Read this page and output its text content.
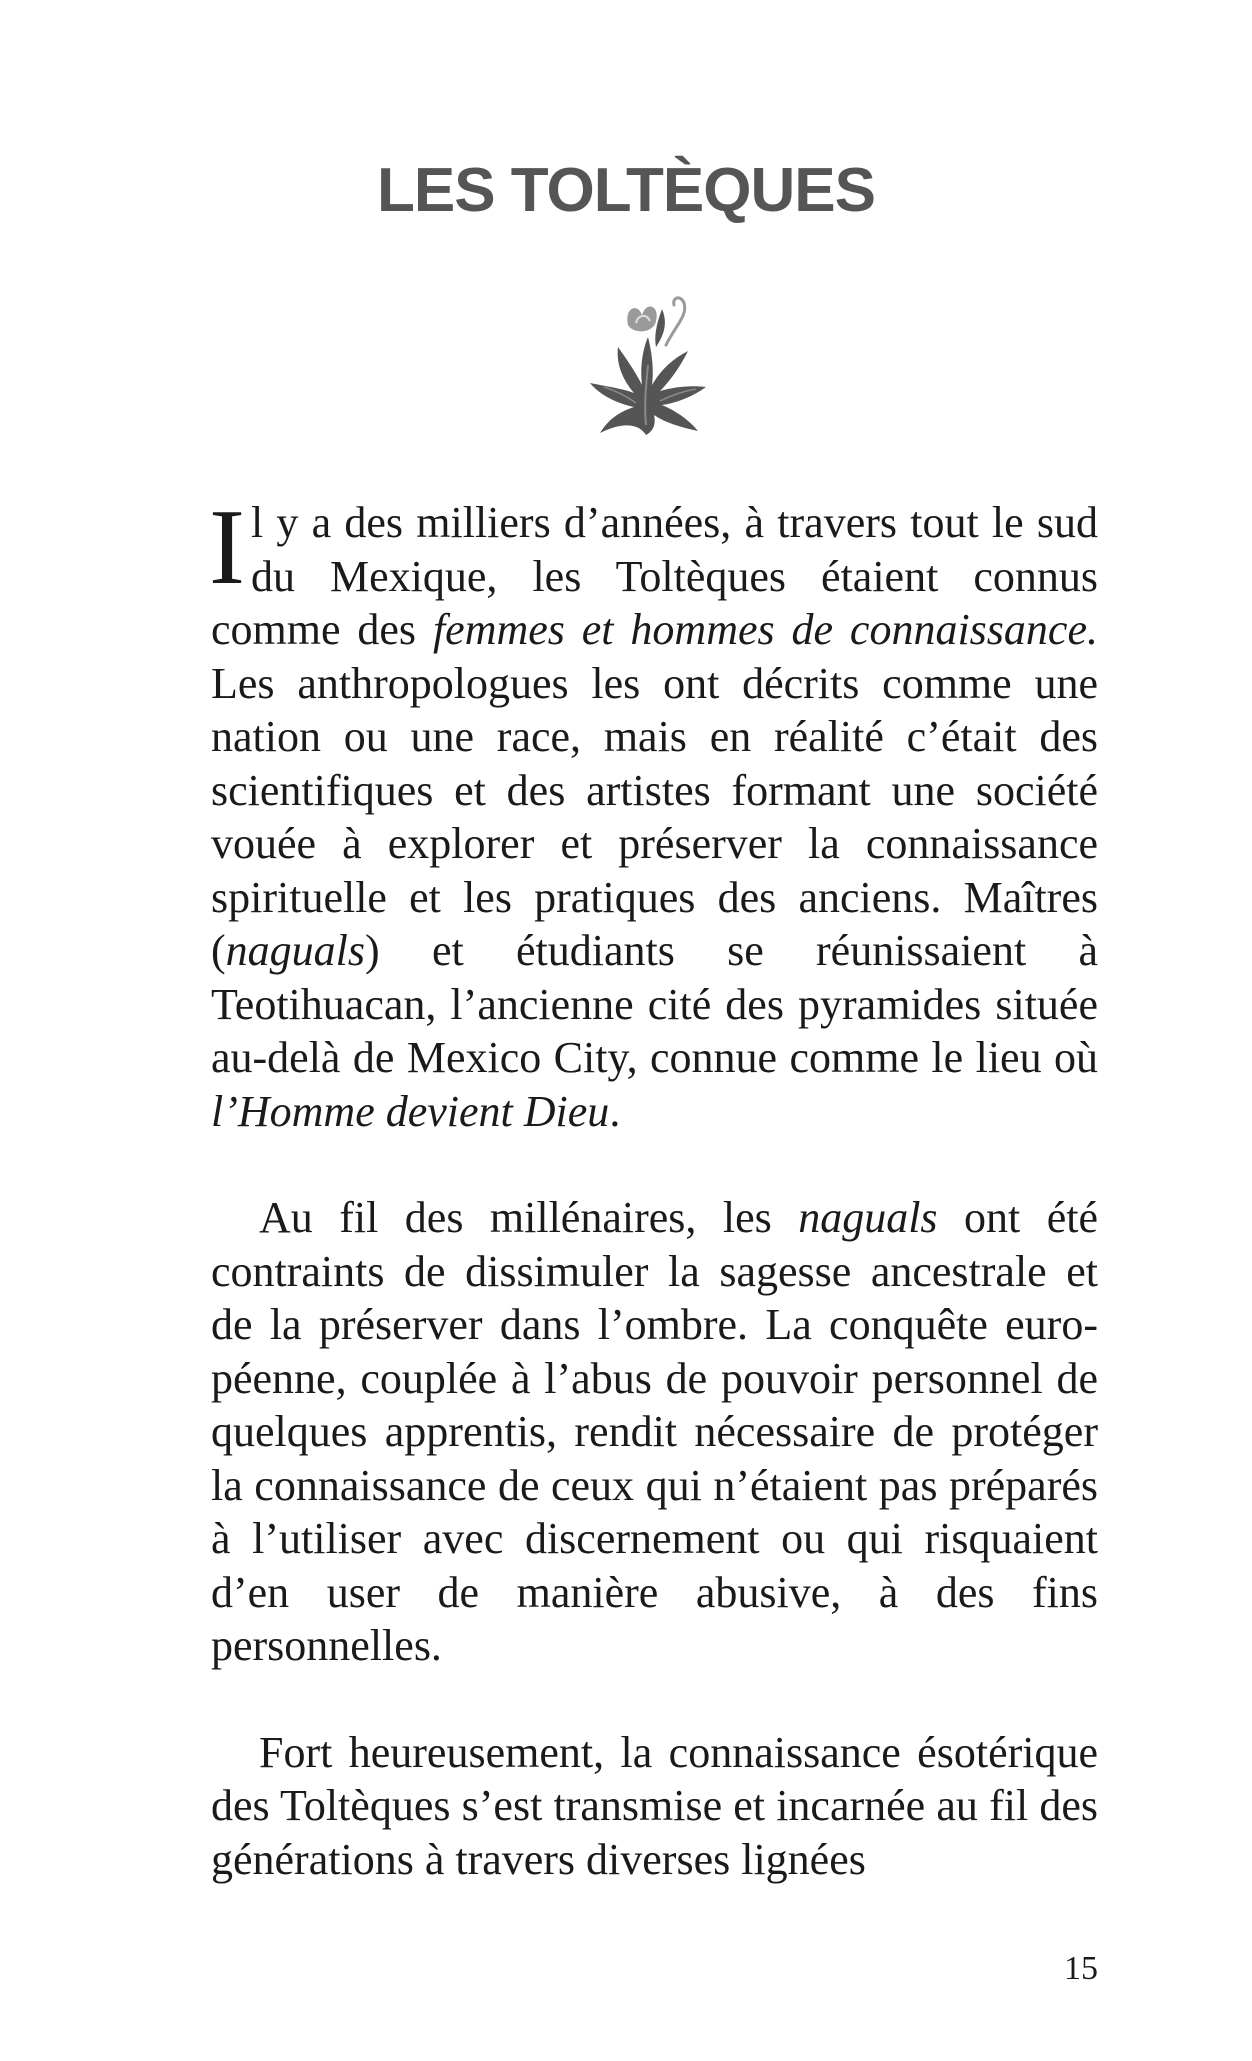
LES TOLTÈQUES

Il y a des milliers d’années, à travers tout le sud du Mexique, les Toltèques étaient connus comme des femmes et hommes de connaissance. Les anthropologues les ont décrits comme une nation ou une race, mais en réalité c’était des scientifiques et des artistes formant une société vouée à explorer et préserver la connaissance spirituelle et les pratiques des anciens. Maîtres (naguals) et étudiants se réunissaient à Teotihuacan, l’ancienne cité des pyramides située au-delà de Mexico City, connue comme le lieu où l’Homme devient Dieu.

Au fil des millénaires, les naguals ont été contraints de dissimuler la sagesse ancestrale et de la préserver dans l’ombre. La conquête européenne, couplée à l’abus de pouvoir personnel de quelques apprentis, rendit nécessaire de protéger la connaissance de ceux qui n’étaient pas préparés à l’utiliser avec discernement ou qui risquaient d’en user de manière abusive, à des fins personnelles.

Fort heureusement, la connaissance ésotérique des Toltèques s’est transmise et incarnée au fil des générations à travers diverses lignées

15
